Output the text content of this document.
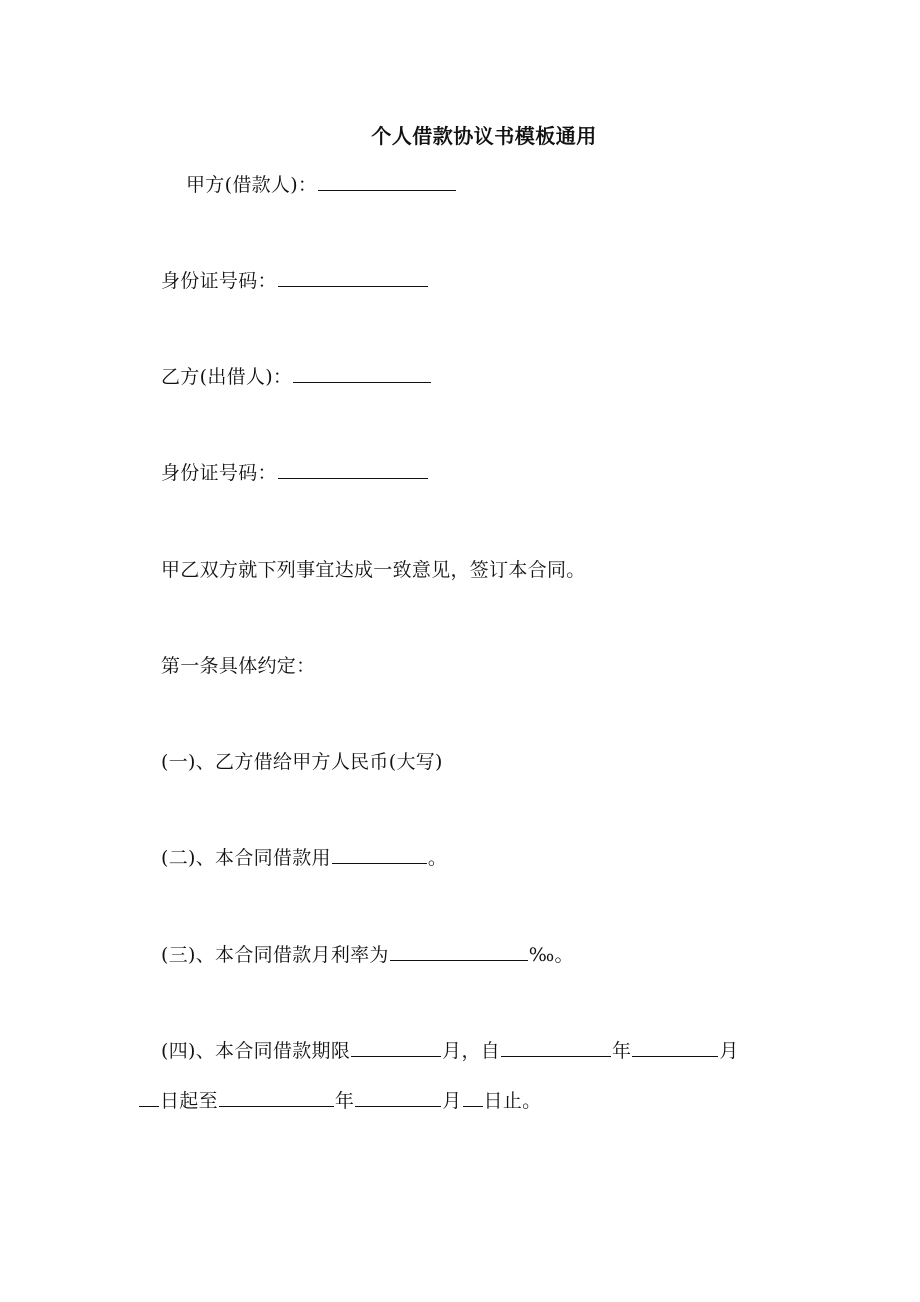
个人借款协议书模板通用
甲方(借款人)：
身份证号码：
乙方(出借人)：
身份证号码：
甲乙双方就下列事宜达成一致意见，签订本合同。
第一条具体约定：
(一)、乙方借给甲方人民币(大写)
(二)、本合同借款用	。
(三)、本合同借款月利率为	‰。
(四)、本合同借款期限	月，自	年	月
日起至	年	月 日止。
